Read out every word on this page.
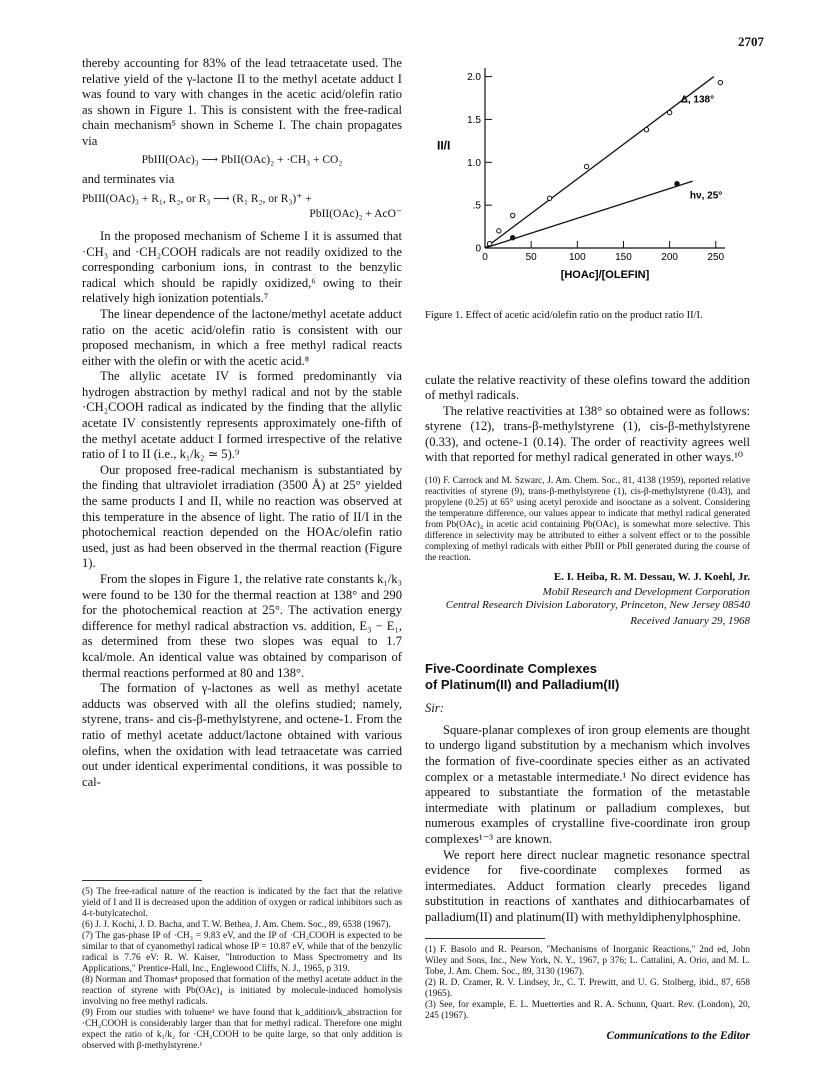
2707

thereby accounting for 83% of the lead tetraacetate used. The relative yield of the γ-lactone II to the methyl acetate adduct I was found to vary with changes in the acetic acid/olefin ratio as shown in Figure 1. This is consistent with the free-radical chain mechanism⁵ shown in Scheme I. The chain propagates via

PbIII(OAc)₃ ⟶ PbII(OAc)₂ + ·CH₃ + CO₂

and terminates via

PbIII(OAc)₃ + R₁, R₂, or R₃ ⟶ (R₁ R₂, or R₃)⁺ +

PbII(OAc)₂ + AcO⁻

In the proposed mechanism of Scheme I it is assumed that ·CH₃ and ·CH₂COOH radicals are not readily oxidized to the corresponding carbonium ions, in contrast to the benzylic radical which should be rapidly oxidized,⁶ owing to their relatively high ionization potentials.⁷

The linear dependence of the lactone/methyl acetate adduct ratio on the acetic acid/olefin ratio is consistent with our proposed mechanism, in which a free methyl radical reacts either with the olefin or with the acetic acid.⁸

The allylic acetate IV is formed predominantly via hydrogen abstraction by methyl radical and not by the stable ·CH₂COOH radical as indicated by the finding that the allylic acetate IV consistently represents approximately one-fifth of the methyl acetate adduct I formed irrespective of the relative ratio of I to II (i.e., k₁/k₂ ≃ 5).⁹

Our proposed free-radical mechanism is substantiated by the finding that ultraviolet irradiation (3500 Å) at 25° yielded the same products I and II, while no reaction was observed at this temperature in the absence of light. The ratio of II/I in the photochemical reaction depended on the HOAc/olefin ratio used, just as had been observed in the thermal reaction (Figure 1).

From the slopes in Figure 1, the relative rate constants k₁/k₃ were found to be 130 for the thermal reaction at 138° and 290 for the photochemical reaction at 25°. The activation energy difference for methyl radical abstraction vs. addition, E₃ − E₁, as determined from these two slopes was equal to 1.7 kcal/mole. An identical value was obtained by comparison of thermal reactions performed at 80 and 138°.

The formation of γ-lactones as well as methyl acetate adducts was observed with all the olefins studied; namely, styrene, trans- and cis-β-methylstyrene, and octene-1. From the ratio of methyl acetate adduct/lactone obtained with various olefins, when the oxidation with lead tetraacetate was carried out under identical experimental conditions, it was possible to cal-

(5) The free-radical nature of the reaction is indicated by the fact that the relative yield of I and II is decreased upon the addition of oxygen or radical inhibitors such as 4-t-butylcatechol.

(6) J. J. Kochi, J. D. Bacha, and T. W. Bethea, J. Am. Chem. Soc., 89, 6538 (1967).

(7) The gas-phase IP of ·CH₃ = 9.83 eV, and the IP of ·CH₂COOH is expected to be similar to that of cyanomethyl radical whose IP = 10.87 eV, while that of the benzylic radical is 7.76 eV: R. W. Kaiser, "Introduction to Mass Spectrometry and Its Applications," Prentice-Hall, Inc., Englewood Cliffs, N. J., 1965, p 319.

(8) Norman and Thomas⁴ proposed that formation of the methyl acetate adduct in the reaction of styrene with Pb(OAc)₄ is initiated by molecule-induced homolysis involving no free methyl radicals.

(9) From our studies with toluene¹ we have found that k_addition/k_abstraction for ·CH₂COOH is considerably larger than that for methyl radical. Therefore one might expect the ratio of k₁/k₂ for ·CH₂COOH to be quite large, so that only addition is observed with β-methylstyrene.¹

0	50	100	150	200	250
0
.5
1.0
1.5
2.0
[HOAc]/[OLEFIN]
II/I
Δ, 138°
hν, 25°

Figure 1. Effect of acetic acid/olefin ratio on the product ratio II/I.

culate the relative reactivity of these olefins toward the addition of methyl radicals.

The relative reactivities at 138° so obtained were as follows: styrene (12), trans-β-methylstyrene (1), cis-β-methylstyrene (0.33), and octene-1 (0.14). The order of reactivity agrees well with that reported for methyl radical generated in other ways.¹⁰

(10) F. Carrock and M. Szwarc, J. Am. Chem. Soc., 81, 4138 (1959), reported relative reactivities of styrene (9), trans-β-methylstyrene (1), cis-β-methylstyrene (0.43), and propylene (0.25) at 65° using acetyl peroxide and isooctane as a solvent. Considering the temperature difference, our values appear to indicate that methyl radical generated from Pb(OAc)₄ in acetic acid containing Pb(OAc)₂ is somewhat more selective. This difference in selectivity may be attributed to either a solvent effect or to the possible complexing of methyl radicals with either PbIII or PbII generated during the course of the reaction.

E. I. Heiba, R. M. Dessau, W. J. Koehl, Jr.

Mobil Research and Development Corporation

Central Research Division Laboratory, Princeton, New Jersey 08540

Received January 29, 1968

Five-Coordinate Complexes
of Platinum(II) and Palladium(II)

Sir:

Square-planar complexes of iron group elements are thought to undergo ligand substitution by a mechanism which involves the formation of five-coordinate species either as an activated complex or a metastable intermediate.¹ No direct evidence has appeared to substantiate the formation of the metastable intermediate with platinum or palladium complexes, but numerous examples of crystalline five-coordinate iron group complexes¹⁻³ are known.

We report here direct nuclear magnetic resonance spectral evidence for five-coordinate complexes formed as intermediates. Adduct formation clearly precedes ligand substitution in reactions of xanthates and dithiocarbamates of palladium(II) and platinum(II) with methyldiphenylphosphine.

(1) F. Basolo and R. Pearson, "Mechanisms of Inorganic Reactions," 2nd ed, John Wiley and Sons, Inc., New York, N. Y., 1967, p 376; L. Cattalini, A. Orio, and M. L. Tobe, J. Am. Chem. Soc., 89, 3130 (1967).

(2) R. D. Cramer, R. V. Lindsey, Jr., C. T. Prewitt, and U. G. Stolberg, ibid., 87, 658 (1965).

(3) See, for example, E. L. Muetterties and R. A. Schunn, Quart. Rev. (London), 20, 245 (1967).

Communications to the Editor
